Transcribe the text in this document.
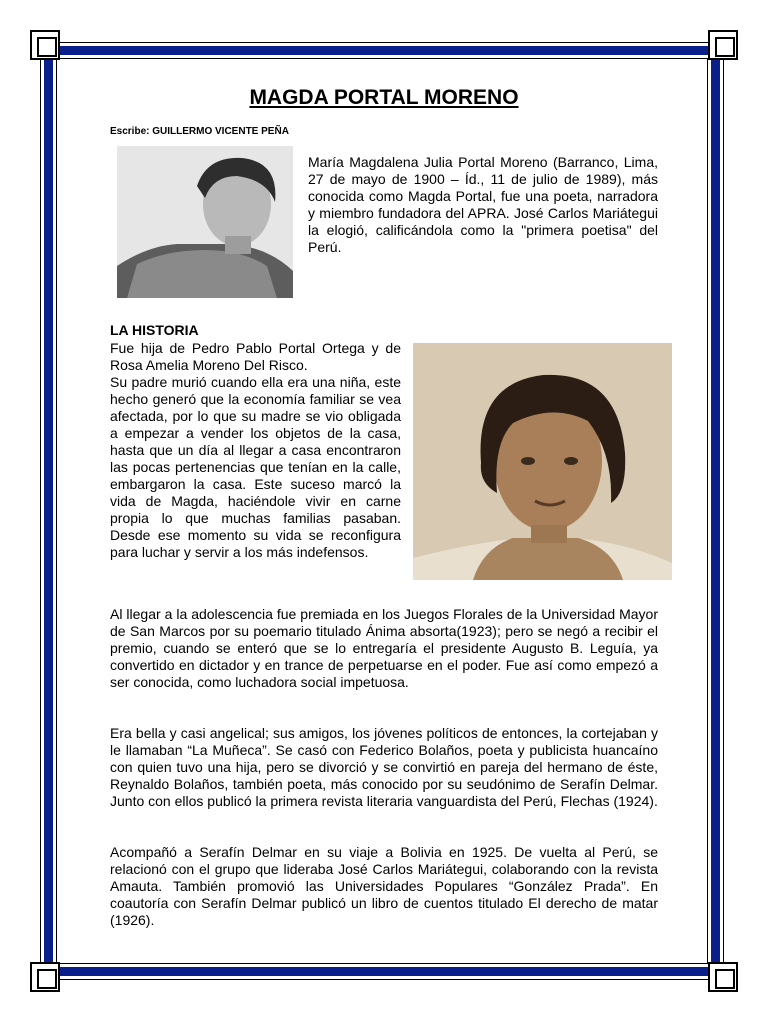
MAGDA PORTAL MORENO
Escribe: GUILLERMO VICENTE PEÑA
María Magdalena Julia Portal Moreno (Barranco, Lima, 27 de mayo de 1900 – Íd., 11 de julio de 1989), más conocida como Magda Portal, fue una poeta, narradora y miembro fundadora del APRA. José Carlos Mariátegui la elogió, calificándola como la "primera poetisa" del Perú.
LA HISTORIA

Fue hija de Pedro Pablo Portal Ortega y de Rosa Amelia Moreno Del Risco.

Su padre murió cuando ella era una niña, este hecho generó que la economía familiar se vea afectada, por lo que su madre se vio obligada a empezar a vender los objetos de la casa, hasta que un día al llegar a casa encontraron las pocas pertenencias que tenían en la calle, embargaron la casa. Este suceso marcó la vida de Magda, haciéndole vivir en carne propia lo que muchas familias pasaban. Desde ese momento su vida se reconfigura para luchar y servir a los más indefensos.

Al llegar a la adolescencia fue premiada en los Juegos Florales de la Universidad Mayor de San Marcos por su poemario titulado Ánima absorta(1923); pero se negó a recibir el premio, cuando se enteró que se lo entregaría el presidente Augusto B. Leguía, ya convertido en dictador y en trance de perpetuarse en el poder. Fue así como empezó a ser conocida, como luchadora social impetuosa.

Era bella y casi angelical; sus amigos, los jóvenes políticos de entonces, la cortejaban y le llamaban “La Muñeca”. Se casó con Federico Bolaños, poeta y publicista huancaíno con quien tuvo una hija, pero se divorció y se convirtió en pareja del hermano de éste, Reynaldo Bolaños, también poeta, más conocido por su seudónimo de Serafín Delmar. Junto con ellos publicó la primera revista literaria vanguardista del Perú, Flechas (1924).

Acompañó a Serafín Delmar en su viaje a Bolivia en 1925. De vuelta al Perú, se relacionó con el grupo que lideraba José Carlos Mariátegui, colaborando con la revista Amauta. También promovió las Universidades Populares “González Prada”. En coautoría con Serafín Delmar publicó un libro de cuentos titulado El derecho de matar (1926).
